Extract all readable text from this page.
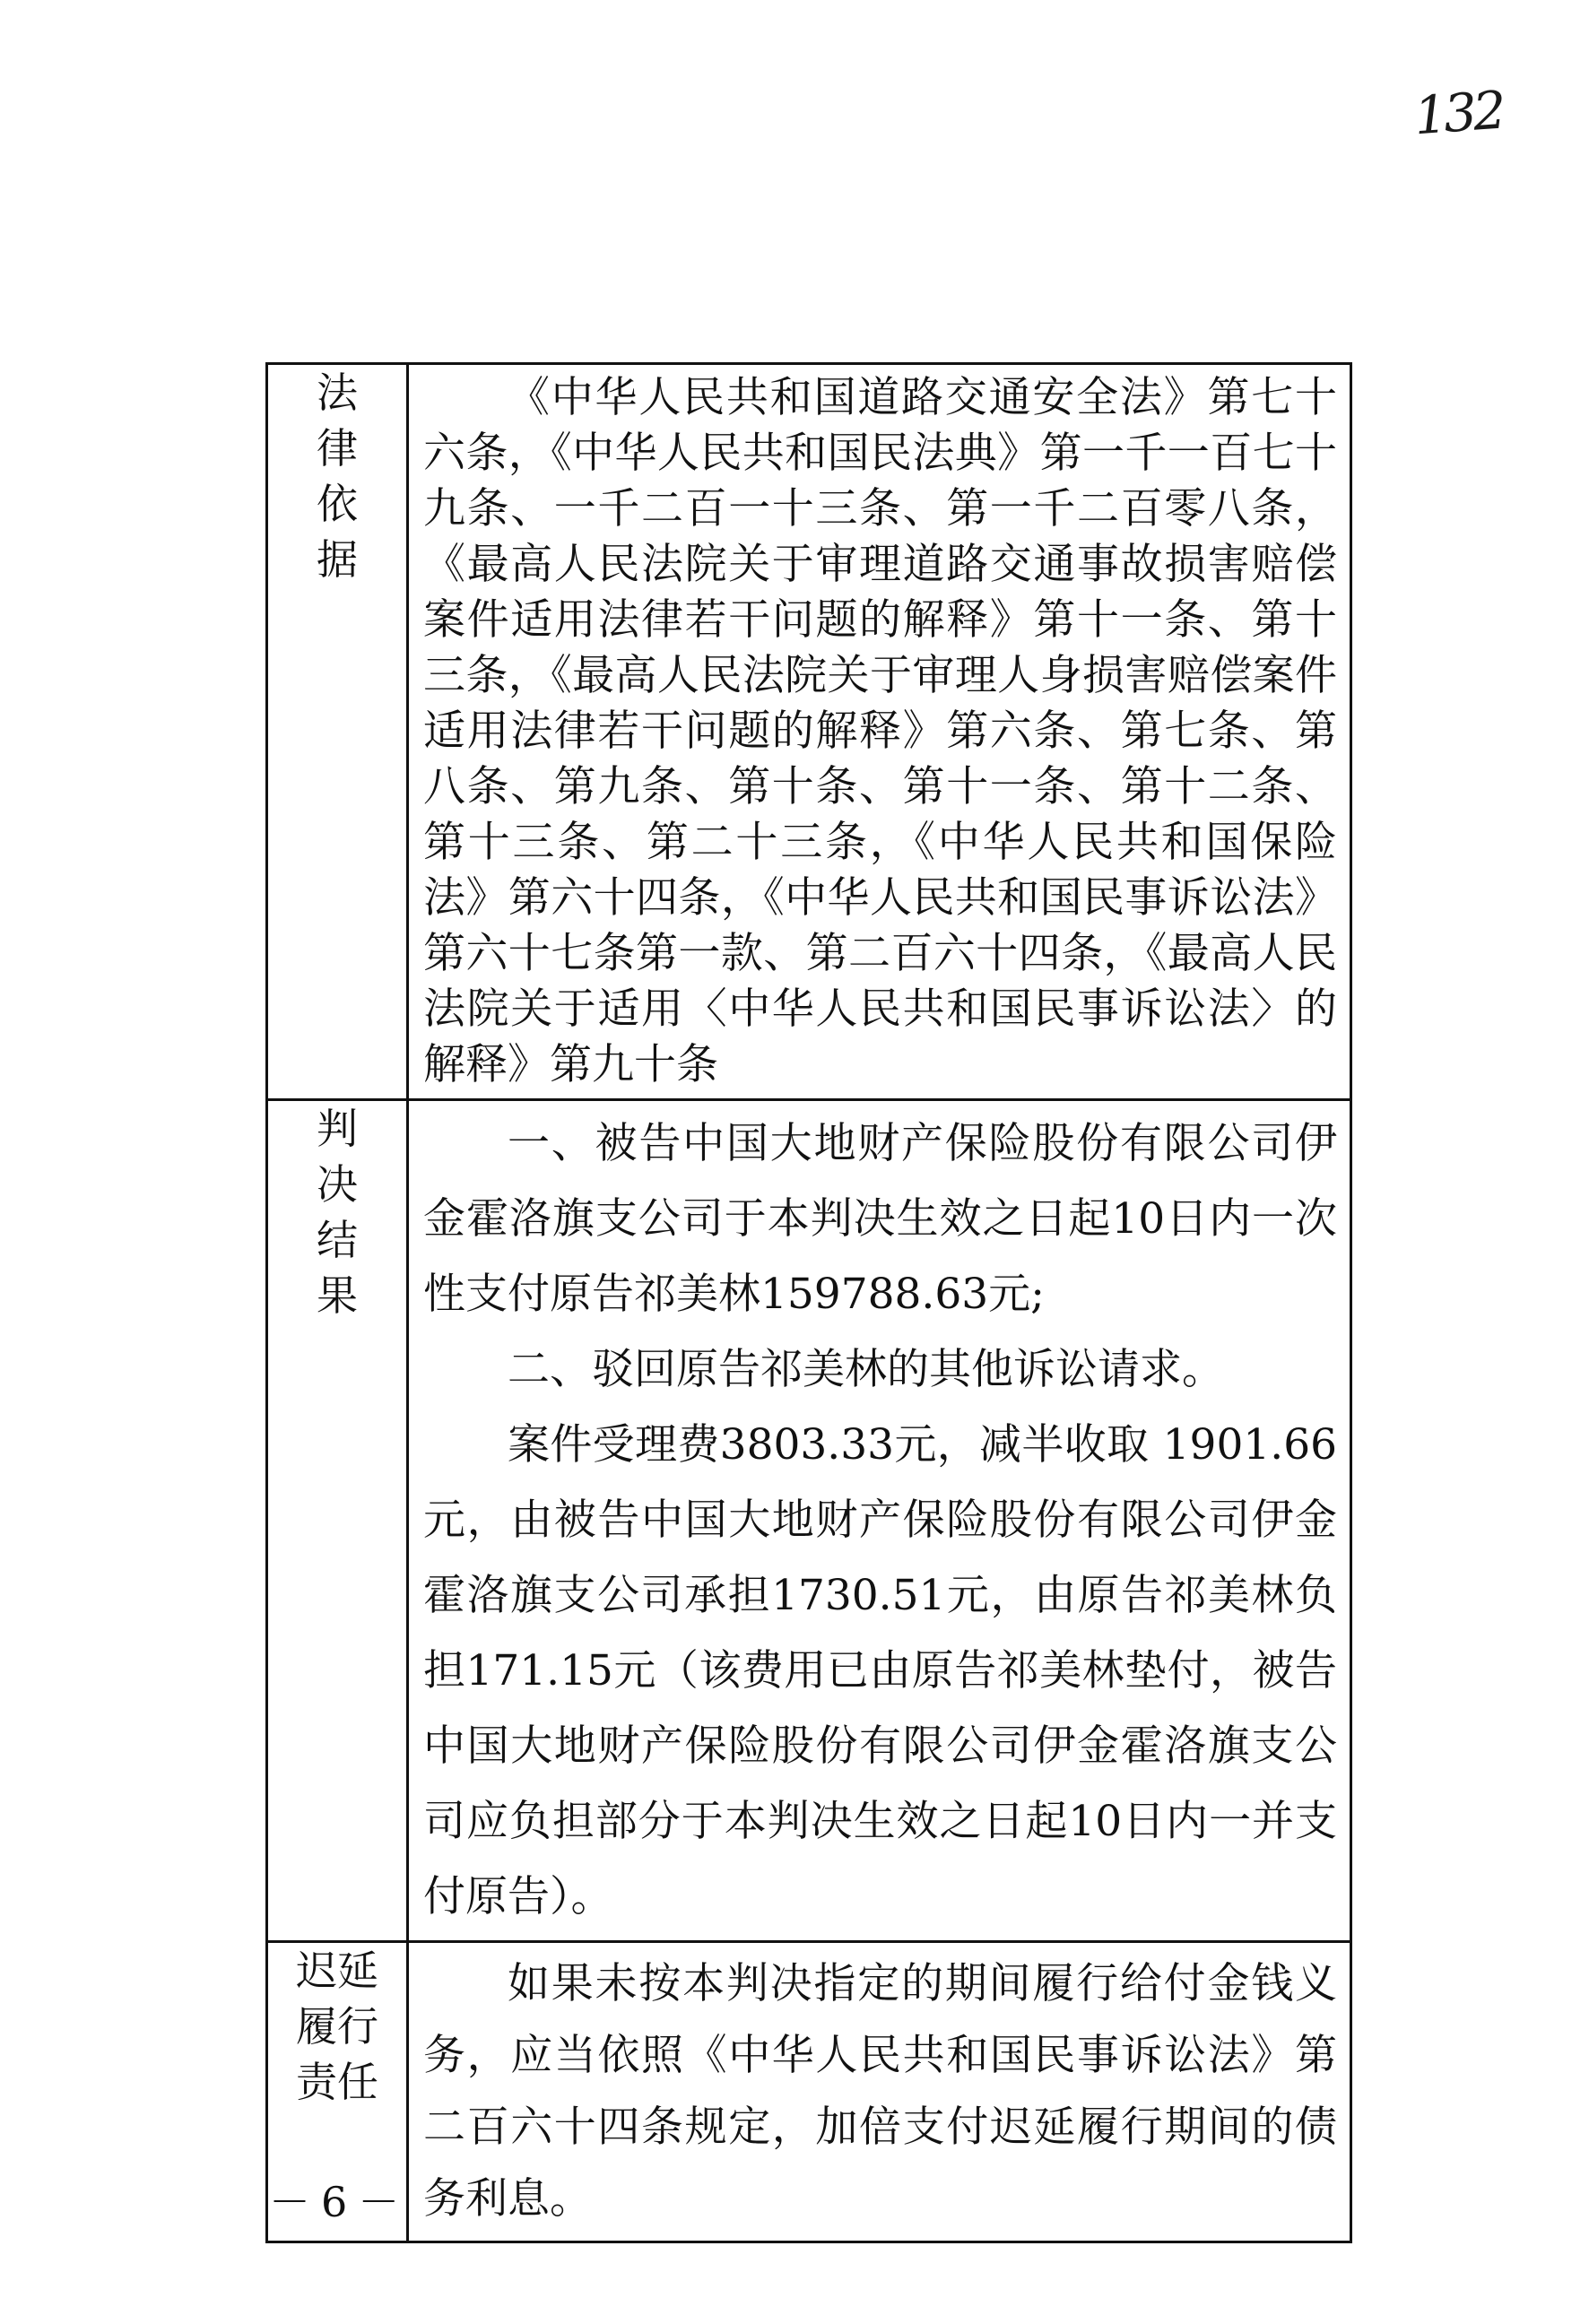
132
法律依据	《中华人民共和国道路交通安全法》第七十六条，《中华人民共和国民法典》第一千一百七十九条、一千二百一十三条、第一千二百零八条，《最高人民法院关于审理道路交通事故损害赔偿案件适用法律若干问题的解释》第十一条、第十三条，《最高人民法院关于审理人身损害赔偿案件适用法律若干问题的解释》第六条、第七条、第八条、第九条、第十条、第十一条、第十二条、第十三条、第二十三条，《中华人民共和国保险法》第六十四条，《中华人民共和国民事诉讼法》第六十七条第一款、第二百六十四条，《最高人民法院关于适用〈中华人民共和国民事诉讼法〉的解释》第九十条

判决结果	一、被告中国大地财产保险股份有限公司伊金霍洛旗支公司于本判决生效之日起10日内一次性支付原告祁美林159788.63元;

二、驳回原告祁美林的其他诉讼请求。

案件受理费3803.33元，减半收取 1901.66元，由被告中国大地财产保险股份有限公司伊金霍洛旗支公司承担1730.51元，由原告祁美林负担171.15元（该费用已由原告祁美林垫付，被告中国大地财产保险股份有限公司伊金霍洛旗支公司应负担部分于本判决生效之日起10日内一并支付原告）。

迟延履行责任	如果未按本判决指定的期间履行给付金钱义务，应当依照《中华人民共和国民事诉讼法》第二百六十四条规定，加倍支付迟延履行期间的债务利息。

－6－
